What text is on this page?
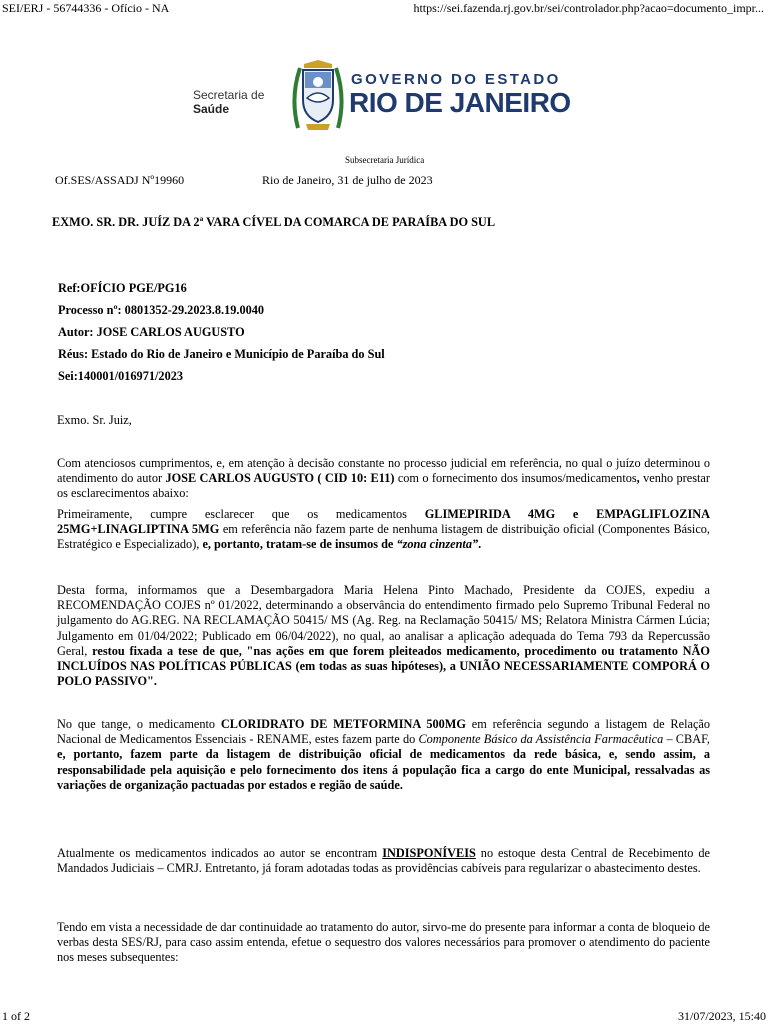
SEI/ERJ - 56744336 - Ofício - NA	https://sei.fazenda.rj.gov.br/sei/controlador.php?acao=documento_impr...
Secretaria de
Saúde
GOVERNO DO ESTADO
RIO DE JANEIRO
Subsecretaria Jurídica
Of.SES/ASSADJ Nº19960	Rio de Janeiro, 31 de julho de 2023
EXMO. SR. DR. JUÍZ DA 2ª VARA CÍVEL DA COMARCA DE PARAÍBA DO SUL
Ref:OFÍCIO PGE/PG16
Processo nº: 0801352-29.2023.8.19.0040
Autor: JOSE CARLOS AUGUSTO
Réus: Estado do Rio de Janeiro e Município de Paraíba do Sul
Sei:140001/016971/2023
Exmo. Sr. Juiz,
Com atenciosos cumprimentos, e, em atenção à decisão constante no processo judicial em referência, no qual o juízo determinou o atendimento do autor JOSE CARLOS AUGUSTO ( CID 10: E11) com o fornecimento dos insumos/medicamentos, venho prestar os esclarecimentos abaixo:
Primeiramente, cumpre esclarecer que os medicamentos GLIMEPIRIDA 4MG e EMPAGLIFLOZINA 25MG+LINAGLIPTINA 5MG em referência não fazem parte de nenhuma listagem de distribuição oficial (Componentes Básico, Estratégico e Especializado), e, portanto, tratam-se de insumos de “zona cinzenta”.
Desta forma, informamos que a Desembargadora Maria Helena Pinto Machado, Presidente da COJES, expediu a RECOMENDAÇÃO COJES nº 01/2022, determinando a observância do entendimento firmado pelo Supremo Tribunal Federal no julgamento do AG.REG. NA RECLAMAÇÃO 50415/ MS (Ag. Reg. na Reclamação 50415/ MS; Relatora Ministra Cármen Lúcia; Julgamento em 01/04/2022; Publicado em 06/04/2022), no qual, ao analisar a aplicação adequada do Tema 793 da Repercussão Geral, restou fixada a tese de que, "nas ações em que forem pleiteados medicamento, procedimento ou tratamento NÃO INCLUÍDOS NAS POLÍTICAS PÚBLICAS (em todas as suas hipóteses), a UNIÃO NECESSARIAMENTE COMPORÁ O POLO PASSIVO".
No que tange, o medicamento CLORIDRATO DE METFORMINA 500MG em referência segundo a listagem de Relação Nacional de Medicamentos Essenciais - RENAME, estes fazem parte do Componente Básico da Assistência Farmacêutica – CBAF, e, portanto, fazem parte da listagem de distribuição oficial de medicamentos da rede básica, e, sendo assim, a responsabilidade pela aquisição e pelo fornecimento dos itens á população fica a cargo do ente Municipal, ressalvadas as variações de organização pactuadas por estados e região de saúde.
Atualmente os medicamentos indicados ao autor se encontram INDISPONÍVEIS no estoque desta Central de Recebimento de Mandados Judiciais – CMRJ. Entretanto, já foram adotadas todas as providências cabíveis para regularizar o abastecimento destes.
Tendo em vista a necessidade de dar continuidade ao tratamento do autor, sirvo-me do presente para informar a conta de bloqueio de verbas desta SES/RJ, para caso assim entenda, efetue o sequestro dos valores necessários para promover o atendimento do paciente nos meses subsequentes:
1 of 2	31/07/2023, 15:40
